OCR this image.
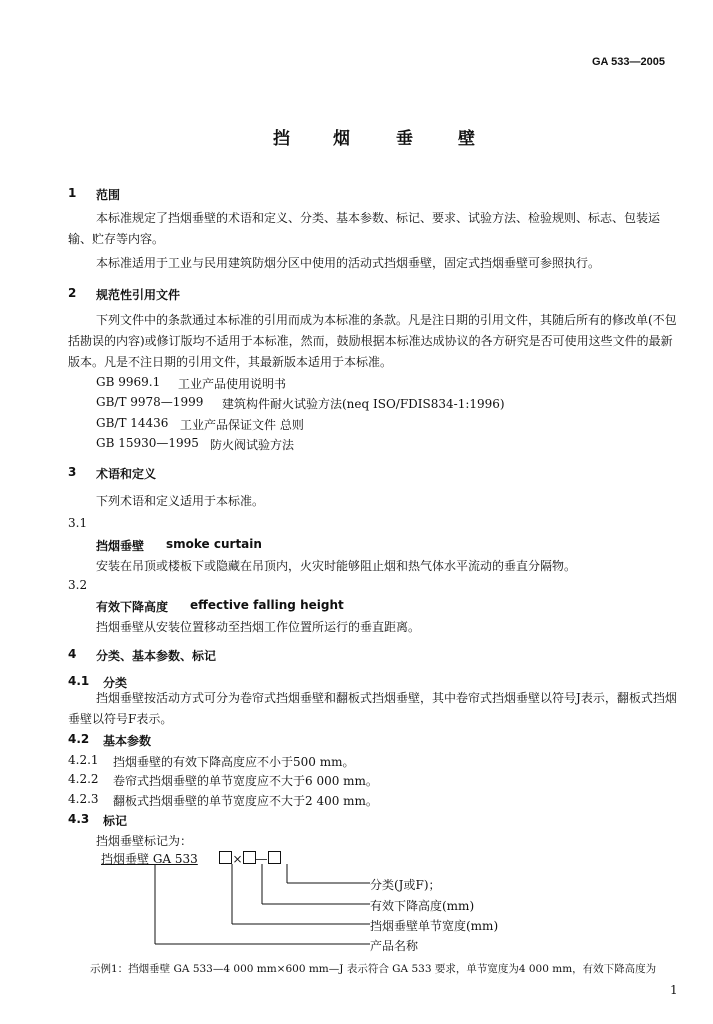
GA 533—2005
挡	烟	垂	壁
1 范围
本标准规定了挡烟垂壁的术语和定义、分类、基本参数、标记、要求、试验方法、检验规则、标志、包装运输、贮存等内容。
本标准适用于工业与民用建筑防烟分区中使用的活动式挡烟垂壁，固定式挡烟垂壁可参照执行。
2 规范性引用文件
下列文件中的条款通过本标准的引用而成为本标准的条款。凡是注日期的引用文件，其随后所有的修改单(不包括勘误的内容)或修订版均不适用于本标准，然而，鼓励根据本标准达成协议的各方研究是否可使用这些文件的最新版本。凡是不注日期的引用文件，其最新版本适用于本标准。
GB 9969.1 工业产品使用说明书
GB/T 9978—1999 建筑构件耐火试验方法(neq ISO/FDIS834-1:1996)
GB/T 14436 工业产品保证文件 总则
GB 15930—1995 防火阀试验方法
3 术语和定义
下列术语和定义适用于本标准。
3.1
挡烟垂壁 smoke curtain
安装在吊顶或楼板下或隐藏在吊顶内，火灾时能够阻止烟和热气体水平流动的垂直分隔物。
3.2
有效下降高度 effective falling height
挡烟垂壁从安装位置移动至挡烟工作位置所运行的垂直距离。
4 分类、基本参数、标记
4.1 分类
挡烟垂壁按活动方式可分为卷帘式挡烟垂壁和翻板式挡烟垂壁，其中卷帘式挡烟垂壁以符号J表示，翻板式挡烟垂壁以符号F表示。
4.2 基本参数
4.2.1 挡烟垂壁的有效下降高度应不小于500 mm。
4.2.2 卷帘式挡烟垂壁的单节宽度应不大于6 000 mm。
4.2.3 翻板式挡烟垂壁的单节宽度应不大于2 400 mm。
4.3 标记
挡烟垂壁标记为：
挡烟垂壁 GA 533	× —
分类(J或F)；
有效下降高度(mm)
挡烟垂壁单节宽度(mm)
产品名称
示例1：挡烟垂壁 GA 533—4 000 mm×600 mm—J 表示符合 GA 533 要求，单节宽度为4 000 mm，有效下降高度为
1
